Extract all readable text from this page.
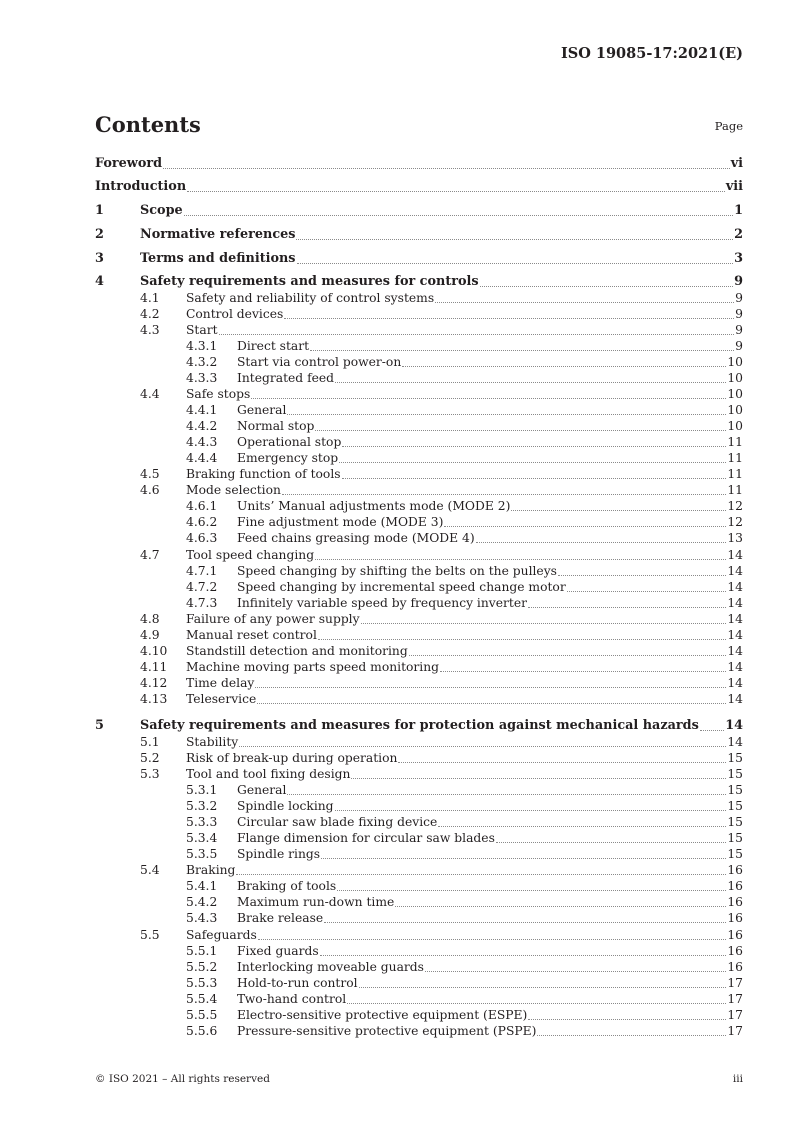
ISO 19085-17:2021(E)
Contents	Page
Foreword	vi
Introduction	vii
1	Scope	1
2	Normative references	2
3	Terms and definitions	3
4	Safety requirements and measures for controls	9
4.1	Safety and reliability of control systems	9
4.2	Control devices	9
4.3	Start	9
4.3.1	Direct start	9
4.3.2	Start via control power-on	10
4.3.3	Integrated feed	10
4.4	Safe stops	10
4.4.1	General	10
4.4.2	Normal stop	10
4.4.3	Operational stop	11
4.4.4	Emergency stop	11
4.5	Braking function of tools	11
4.6	Mode selection	11
4.6.1	Units’ Manual adjustments mode (MODE 2)	12
4.6.2	Fine adjustment mode (MODE 3)	12
4.6.3	Feed chains greasing mode (MODE 4)	13
4.7	Tool speed changing	14
4.7.1	Speed changing by shifting the belts on the pulleys	14
4.7.2	Speed changing by incremental speed change motor	14
4.7.3	Infinitely variable speed by frequency inverter	14
4.8	Failure of any power supply	14
4.9	Manual reset control	14
4.10	Standstill detection and monitoring	14
4.11	Machine moving parts speed monitoring	14
4.12	Time delay	14
4.13	Teleservice	14
5	Safety requirements and measures for protection against mechanical hazards 14
5.1	Stability	14
5.2	Risk of break-up during operation	15
5.3	Tool and tool fixing design	15
5.3.1	General	15
5.3.2	Spindle locking	15
5.3.3	Circular saw blade fixing device	15
5.3.4	Flange dimension for circular saw blades	15
5.3.5	Spindle rings	15
5.4	Braking	16
5.4.1	Braking of tools	16
5.4.2	Maximum run-down time	16
5.4.3	Brake release	16
5.5	Safeguards	16
5.5.1	Fixed guards	16
5.5.2	Interlocking moveable guards	16
5.5.3	Hold-to-run control	17
5.5.4	Two-hand control	17
5.5.5	Electro-sensitive protective equipment (ESPE)	17
5.5.6	Pressure-sensitive protective equipment (PSPE)	17
© ISO 2021 – All rights reserved	iii
